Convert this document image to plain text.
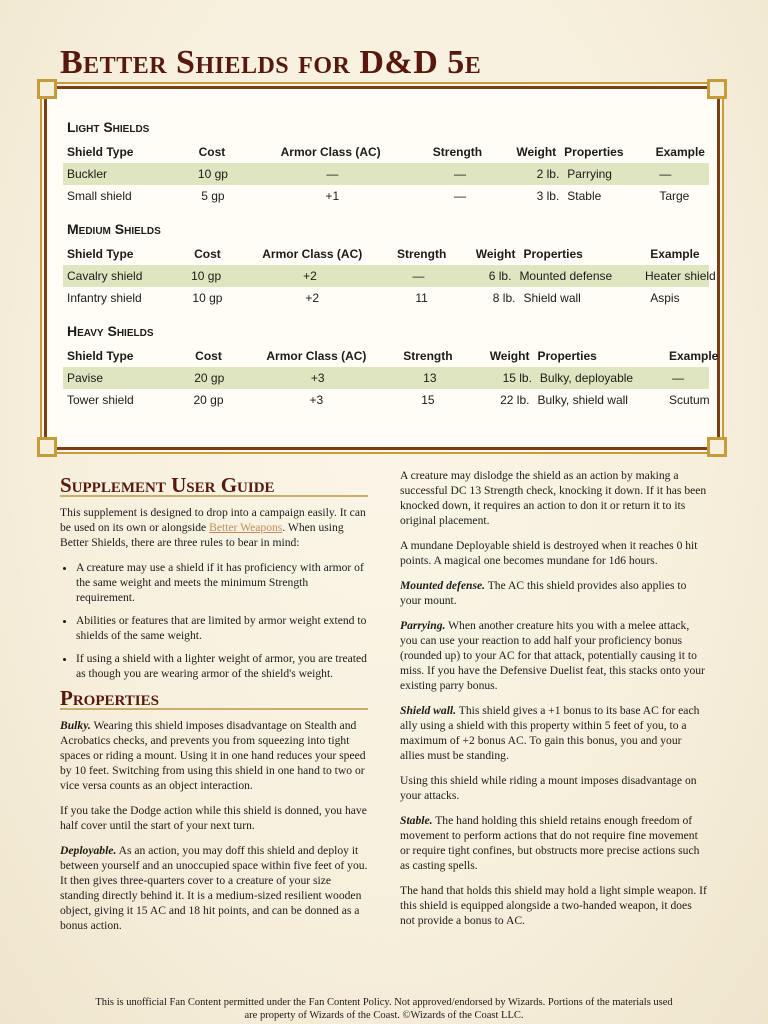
Better Shields for D&D 5e
Light Shields
Shield Type	Cost	Armor Class (AC)	Strength	Weight Properties	Example
Buckler	10 gp	—	—	2 lb. Parrying	—
Small shield	5 gp	+1	—	3 lb. Stable	Targe
Medium Shields
Shield Type	Cost	Armor Class (AC)	Strength	Weight Properties	Example
Cavalry shield	10 gp	+2	—	6 lb. Mounted defense	Heater shield
Infantry shield	10 gp	+2	11	8 lb. Shield wall	Aspis
Heavy Shields
Shield Type	Cost	Armor Class (AC)	Strength	Weight Properties	Example
Pavise	20 gp	+3	13	15 lb. Bulky, deployable	—
Tower shield	20 gp	+3	15	22 lb. Bulky, shield wall	Scutum
Supplement User Guide

This supplement is designed to drop into a campaign easily. It can be used on its own or alongside Better Weapons. When using Better Shields, there are three rules to bear in mind:

• A creature may use a shield if it has proficiency with armor of the same weight and meets the minimum Strength requirement.
• Abilities or features that are limited by armor weight extend to shields of the same weight.
• If using a shield with a lighter weight of armor, you are treated as though you are wearing armor of the shield's weight.
Properties

Bulky. Wearing this shield imposes disadvantage on Stealth and Acrobatics checks, and prevents you from squeezing into tight spaces or riding a mount. Using it in one hand reduces your speed by 10 feet. Switching from using this shield in one hand to two or vice versa counts as an object interaction.

If you take the Dodge action while this shield is donned, you have half cover until the start of your next turn.

Deployable. As an action, you may doff this shield and deploy it between yourself and an unoccupied space within five feet of you. It then gives three-quarters cover to a creature of your size standing directly behind it. It is a medium-sized resilient wooden object, giving it 15 AC and 18 hit points, and can be donned as a bonus action.

A creature may dislodge the shield as an action by making a successful DC 13 Strength check, knocking it down. If it has been knocked down, it requires an action to don it or return it to its original placement.

A mundane Deployable shield is destroyed when it reaches 0 hit points. A magical one becomes mundane for 1d6 hours.

Mounted defense. The AC this shield provides also applies to your mount.

Parrying. When another creature hits you with a melee attack, you can use your reaction to add half your proficiency bonus (rounded up) to your AC for that attack, potentially causing it to miss. If you have the Defensive Duelist feat, this stacks onto your existing parry bonus.

Shield wall. This shield gives a +1 bonus to its base AC for each ally using a shield with this property within 5 feet of you, to a maximum of +2 bonus AC. To gain this bonus, you and your allies must be standing.

Using this shield while riding a mount imposes disadvantage on your attacks.

Stable. The hand holding this shield retains enough freedom of movement to perform actions that do not require fine movement or require tight confines, but obstructs more precise actions such as casting spells.

The hand that holds this shield may hold a light simple weapon. If this shield is equipped alongside a two-handed weapon, it does not provide a bonus to AC.

This is unofficial Fan Content permitted under the Fan Content Policy. Not approved/endorsed by Wizards. Portions of the materials used
are property of Wizards of the Coast. ©Wizards of the Coast LLC.
